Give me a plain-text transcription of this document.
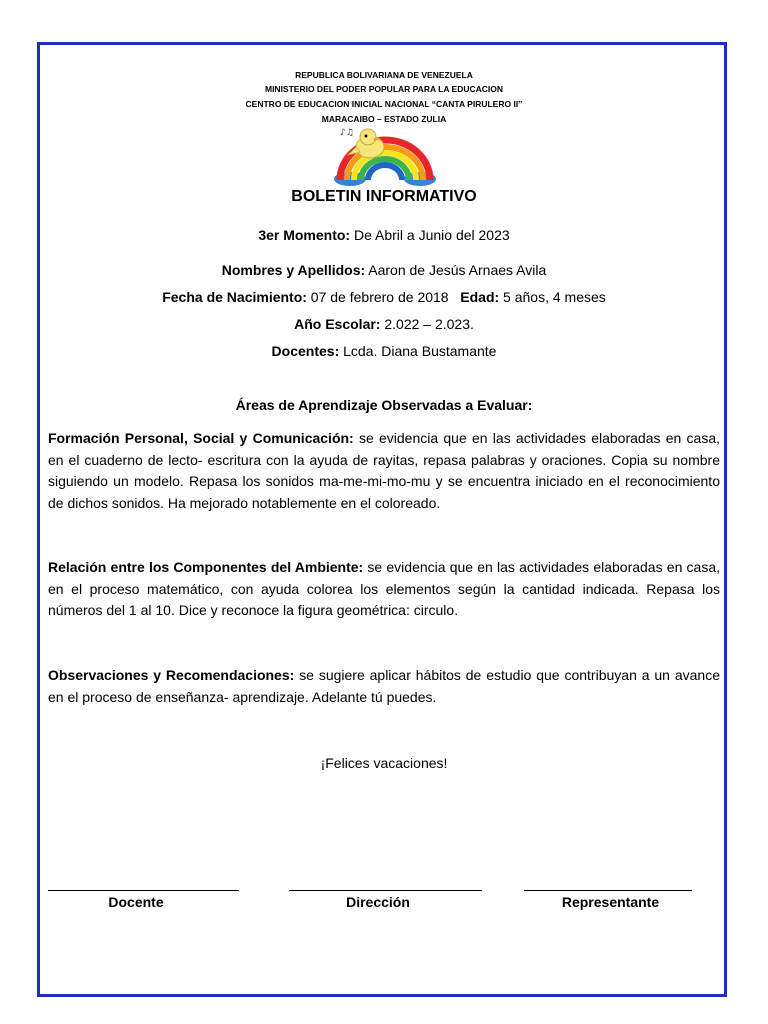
REPUBLICA BOLIVARIANA DE VENEZUELA
MINISTERIO DEL PODER POPULAR PARA LA EDUCACION
CENTRO DE EDUCACION INICIAL NACIONAL “CANTA PIRULERO II”
MARACAIBO – ESTADO ZULIA
♪♫
BOLETIN INFORMATIVO
3er Momento: De Abril a Junio del 2023
Nombres y Apellidos: Aaron de Jesús Arnaes Avila
Fecha de Nacimiento: 07 de febrero de 2018 Edad: 5 años, 4 meses
Año Escolar: 2.022 – 2.023.
Docentes: Lcda. Diana Bustamante
Áreas de Aprendizaje Observadas a Evaluar:
Formación Personal, Social y Comunicación: se evidencia que en las actividades elaboradas en casa, en el cuaderno de lecto- escritura con la ayuda de rayitas, repasa palabras y oraciones. Copia su nombre siguiendo un modelo. Repasa los sonidos ma-me-mi-mo-mu y se encuentra iniciado en el reconocimiento de dichos sonidos. Ha mejorado notablemente en el coloreado.
Relación entre los Componentes del Ambiente: se evidencia que en las actividades elaboradas en casa, en el proceso matemático, con ayuda colorea los elementos según la cantidad indicada. Repasa los números del 1 al 10. Dice y reconoce la figura geométrica: circulo.
Observaciones y Recomendaciones: se sugiere aplicar hábitos de estudio que contribuyan a un avance en el proceso de enseñanza- aprendizaje. Adelante tú puedes.
¡Felices vacaciones!
Docente	Dirección	Representante
